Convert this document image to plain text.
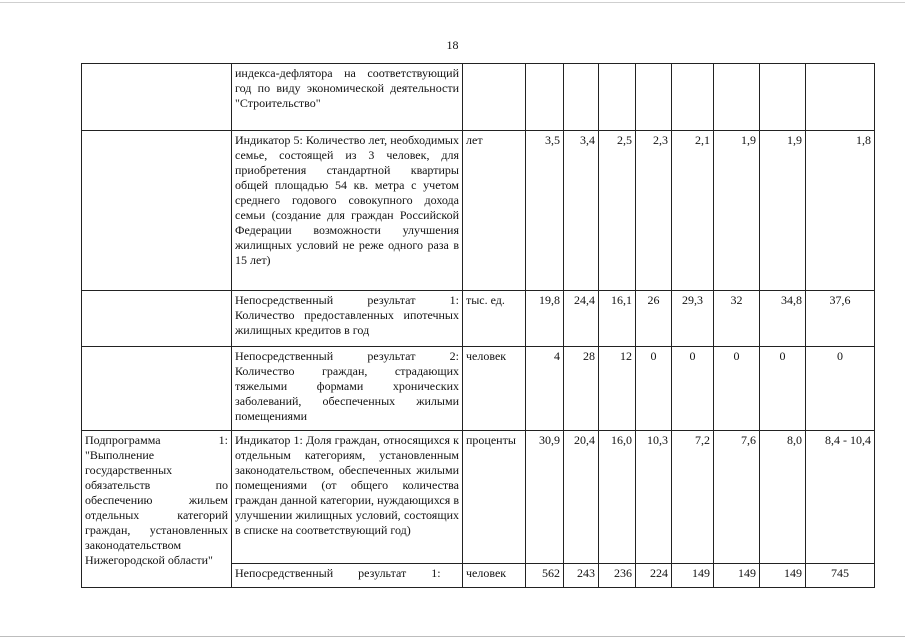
18
	индекса-дефлятора на соответствующий год по виду экономической деятельности "Строительство"									
	Индикатор 5: Количество лет, необходимых семье, состоящей из 3 человек, для приобретения стандартной квартиры общей площадью 54 кв. метра с учетом среднего годового совокупного дохода семьи (создание для граждан Российской Федерации возможности улучшения жилищных условий не реже одного раза в 15 лет)	лет	3,5	3,4	2,5	2,3	2,1	1,9	1,9	1,8
	Непосредственный результат 1: Количество предоставленных ипотечных жилищных кредитов в год	тыс. ед.	19,8	24,4	16,1	26	29,3	32	34,8	37,6
	Непосредственный результат 2: Количество граждан, страдающих тяжелыми формами хронических заболеваний, обеспеченных жилыми помещениями	человек	4	28	12	0	0	0	0	0
Подпрограмма 1: "Выполнение государственных обязательств по обеспечению жильем отдельных категорий граждан, установленных законодательством Нижегородской области"	Индикатор 1: Доля граждан, относящихся к отдельным категориям, установленным законодательством, обеспеченных жилыми помещениями (от общего количества граждан данной категории, нуждающихся в улучшении жилищных условий, состоящих в списке на соответствующий год)	проценты	30,9	20,4	16,0	10,3	7,2	7,6	8,0	8,4 - 10,4
	Непосредственный результат 1:	человек	562	243	236	224	149	149	149	745
